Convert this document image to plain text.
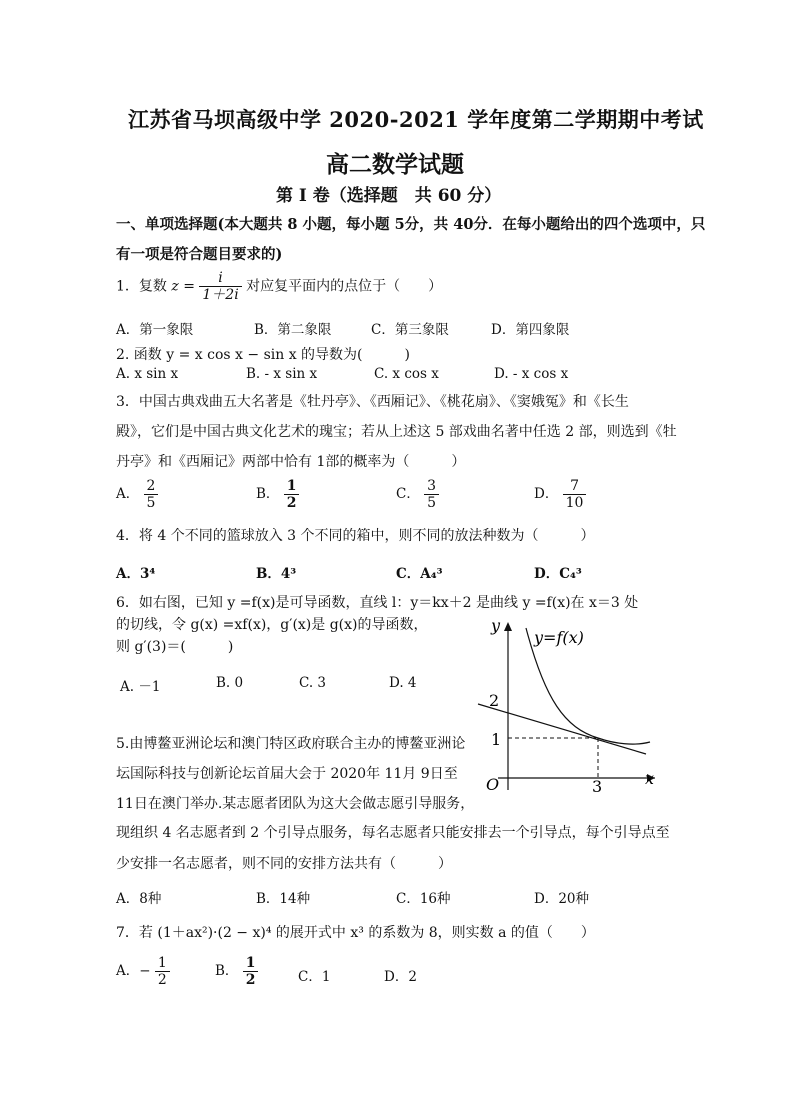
江苏省马坝高级中学 2020-2021 学年度第二学期期中考试
高二数学试题
第 I 卷（选择题　共 60 分）
一、单项选择题(本大题共 8 小题，每小题 5分，共 40分．在每小题给出的四个选项中，只
有一项是符合题目要求的)
1．复数 $z = \frac{i}{1+2i}$ 对应复平面内的点位于（　　）
A．第一象限	B．第二象限	C．第三象限	D．第四象限
2. 函数 y = x cos x − sin x 的导数为(　　　)
A. x sin x	B. - x sin x	C. x cos x	D. - x cos x
3．中国古典戏曲五大名著是《牡丹亭》、《西厢记》、《桃花扇》、《窦娥冤》和《长生
殿》，它们是中国古典文化艺术的瑰宝；若从上述这 5 部戏曲名著中任选 2 部，则选到《牡
丹亭》和《西厢记》两部中恰有 1部的概率为（　　　）
A． $\frac{2}{5}$	B． $\frac{1}{2}$	C． $\frac{3}{5}$	D． $\frac{7}{10}$
4．将 4 个不同的篮球放入 3 个不同的箱中，则不同的放法种数为（　　　）
A．3⁴	B．4³	C．A₄³	D．C₄³
6．如右图，已知 y =f(x)是可导函数，直线 l：y＝kx＋2 是曲线 y =f(x)在 x＝3 处
的切线，令 g(x) =xf(x)，g′(x)是 g(x)的导函数，
则 g′(3)＝(　　　)
A. －1	B. 0	C. 3	D. 4
y=f(x)
y
x
O
2
1
3
5.由博鳌亚洲论坛和澳门特区政府联合主办的博鳌亚洲论
坛国际科技与创新论坛首届大会于 2020年 11月 9日至
11日在澳门举办.某志愿者团队为这大会做志愿引导服务，
现组织 4 名志愿者到 2 个引导点服务，每名志愿者只能安排去一个引导点，每个引导点至
少安排一名志愿者，则不同的安排方法共有（　　　）
A．8种	B．14种	C．16种	D．20种
7．若 (1＋ax²)·(2 − x)⁴ 的展开式中 x³ 的系数为 8，则实数 a 的值（　　）
A．− $\frac{1}{2}$	B． $\frac{1}{2}$	C．1	D．2
